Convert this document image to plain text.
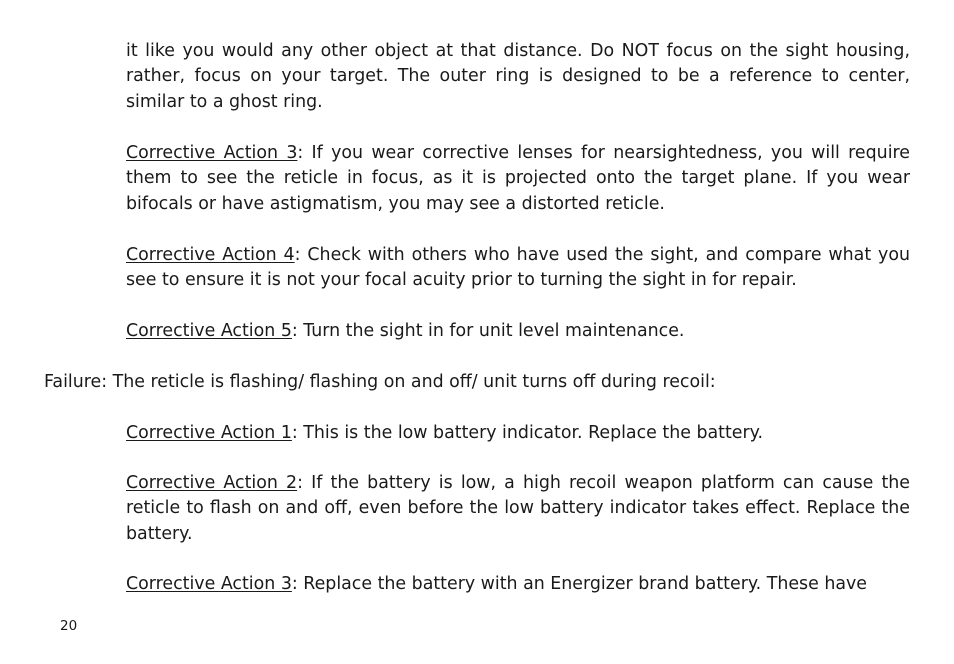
it like you would any other object at that distance. Do NOT focus on the sight housing, rather, focus on your target. The outer ring is designed to be a reference to center, similar to a ghost ring.

Corrective Action 3: If you wear corrective lenses for nearsightedness, you will require them to see the reticle in focus, as it is projected onto the target plane. If you wear bifocals or have astigmatism, you may see a distorted reticle.

Corrective Action 4: Check with others who have used the sight, and compare what you see to ensure it is not your focal acuity prior to turning the sight in for repair.

Corrective Action 5: Turn the sight in for unit level maintenance.

Failure: The reticle is flashing/ flashing on and off/ unit turns off during recoil:

Corrective Action 1: This is the low battery indicator. Replace the battery.

Corrective Action 2: If the battery is low, a high recoil weapon platform can cause the reticle to flash on and off, even before the low battery indicator takes effect. Replace the battery.

Corrective Action 3: Replace the battery with an Energizer brand battery. These have

20
